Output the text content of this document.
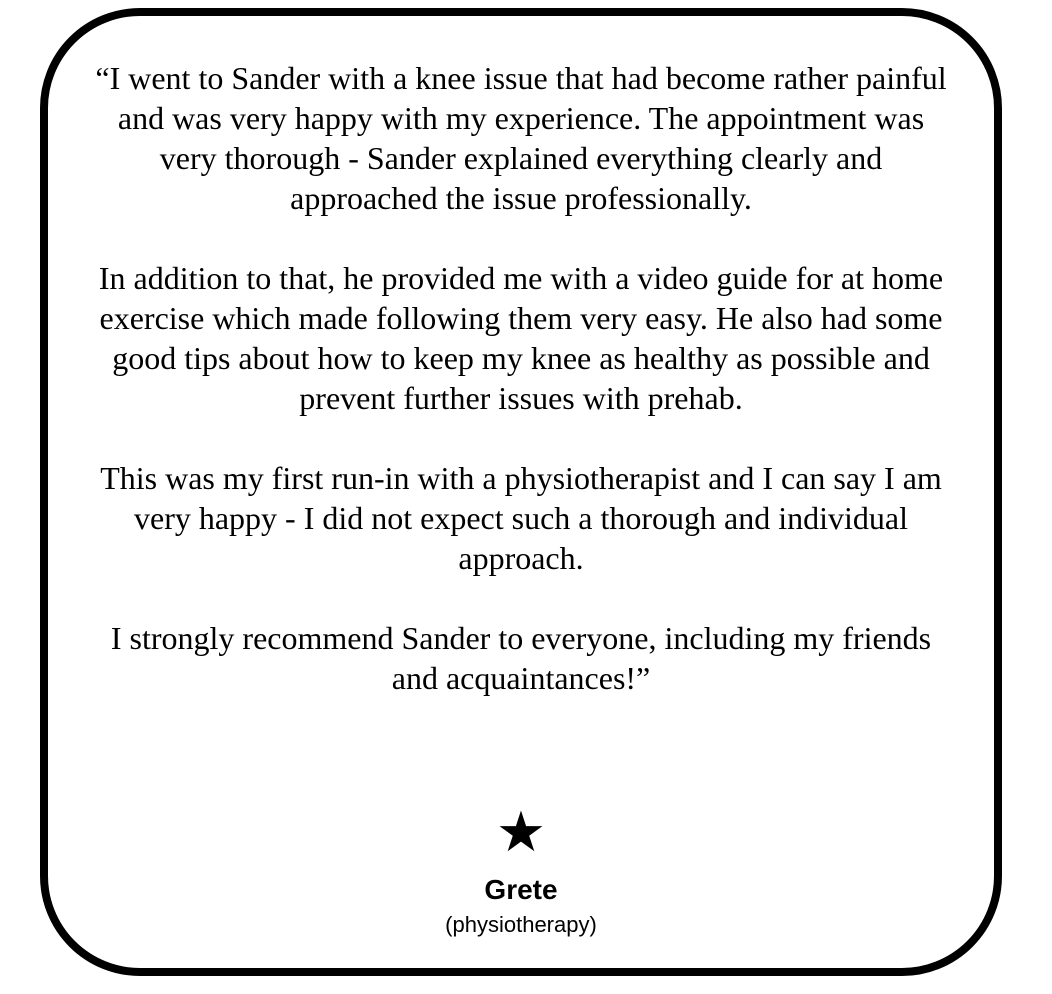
“I went to Sander with a knee issue that had become rather painful and was very happy with my experience. The appointment was very thorough - Sander explained everything clearly and approached the issue professionally.

In addition to that, he provided me with a video guide for at home exercise which made following them very easy. He also had some good tips about how to keep my knee as healthy as possible and prevent further issues with prehab.

This was my first run-in with a physiotherapist and I can say I am very happy - I did not expect such a thorough and individual approach.

I strongly recommend Sander to everyone, including my friends and acquaintances!”

★
Grete
(physiotherapy)
